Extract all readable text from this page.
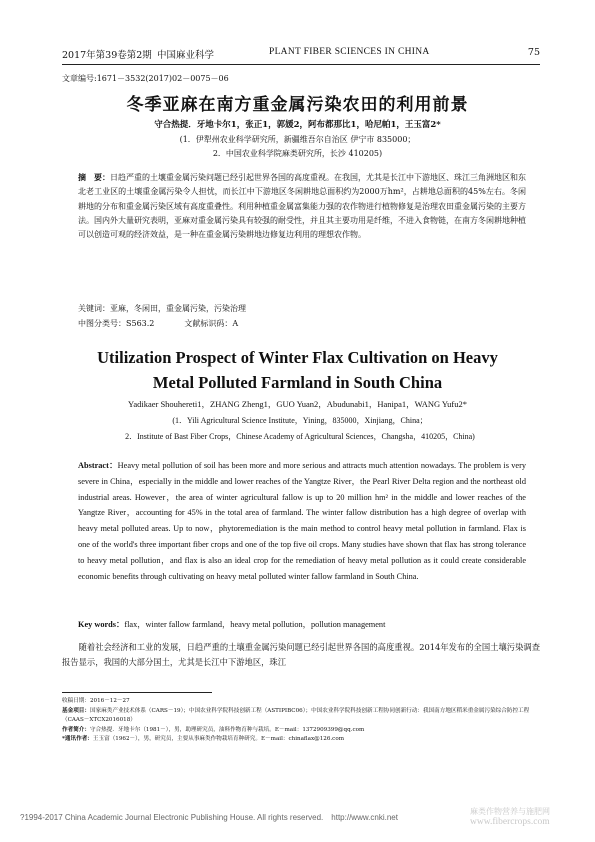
2017年第39卷第2期 中国麻业科学	PLANT FIBER SCIENCES IN CHINA	75
文章编号:1671－3532(2017)02－0075－06
冬季亚麻在南方重金属污染农田的利用前景
守合热提．牙地卡尔1，张正1，郭媛2，阿布都那比1，哈尼帕1，王玉富2*
(1．伊犁州农业科学研究所，新疆维吾尔自治区 伊宁市 835000；
2．中国农业科学院麻类研究所，长沙 410205)
摘　要：日趋严重的土壤重金属污染问题已经引起世界各国的高度重视。在我国，尤其是长江中下游地区、珠江三角洲地区和东北老工业区的土壤重金属污染令人担忧，而长江中下游地区冬闲耕地总面积约为2000万hm²，占耕地总面积的45%左右。冬闲耕地的分布和重金属污染区域有高度重叠性。利用种植重金属富集能力强的农作物进行植物修复是治理农田重金属污染的主要方法。国内外大量研究表明，亚麻对重金属污染具有较强的耐受性，并且其主要功用是纤维，不进入食物链，在南方冬闲耕地种植可以创造可观的经济效益，是一种在重金属污染耕地边修复边利用的理想农作物。
关键词：亚麻，冬闲田，重金属污染，污染治理
中图分类号：S563.2	文献标识码：A
Utilization Prospect of Winter Flax Cultivation on Heavy
Metal Polluted Farmland in South China
Yadikaer Shouhereti1，ZHANG Zheng1，GUO Yuan2，Abudunabi1，Hanipa1，WANG Yufu2*
(1．Yili Agricultural Science Institute，Yining，835000，Xinjiang，China；
2．Institute of Bast Fiber Crops，Chinese Academy of Agricultural Sciences，Changsha，410205，China)
Abstract：Heavy metal pollution of soil has been more and more serious and attracts much attention nowadays. The problem is very severe in China，especially in the middle and lower reaches of the Yangtze River，the Pearl River Delta region and the northeast old industrial areas. However，the area of winter agricultural fallow is up to 20 million hm² in the middle and lower reaches of the Yangtze River，accounting for 45% in the total area of farmland. The winter fallow distribution has a high degree of overlap with heavy metal polluted areas. Up to now，phytoremediation is the main method to control heavy metal pollution in farmland. Flax is one of the world's three important fiber crops and one of the top five oil crops. Many studies have shown that flax has strong tolerance to heavy metal pollution，and flax is also an ideal crop for the remediation of heavy metal pollution as it could create considerable economic benefits through cultivating on heavy metal polluted winter fallow farmland in South China.
Key words：flax，winter fallow farmland，heavy metal pollution，pollution management
随着社会经济和工业的发展，日趋严重的土壤重金属污染问题已经引起世界各国的高度重视。2014年发布的全国土壤污染调查报告显示，我国的大部分国土，尤其是长江中下游地区，珠江
收稿日期：2016－12－27
基金项目：国家麻类产业技术体系（CARS－19）；中国农业科学院科技创新工程（ASTIPIBC06）；中国农业科学院科技创新工程协同创新行动：我国南方地区稻米重金属污染综合防控工程（CAAS－XTCX2016018）
作者简介：守合热提．牙地卡尔（1981－），男，助理研究员，油料作物育种与栽培。E－mail：1372909399@qq.com
*通讯作者：王玉富（1962－），男，研究员，主要从事麻类作物栽培育种研究。E－mail：chinaflax@126.com
?1994-2017 China Academic Journal Electronic Publishing House. All rights reserved.　http://www.cnki.net
麻类作物营养与施肥网
www.fibercrops.com
